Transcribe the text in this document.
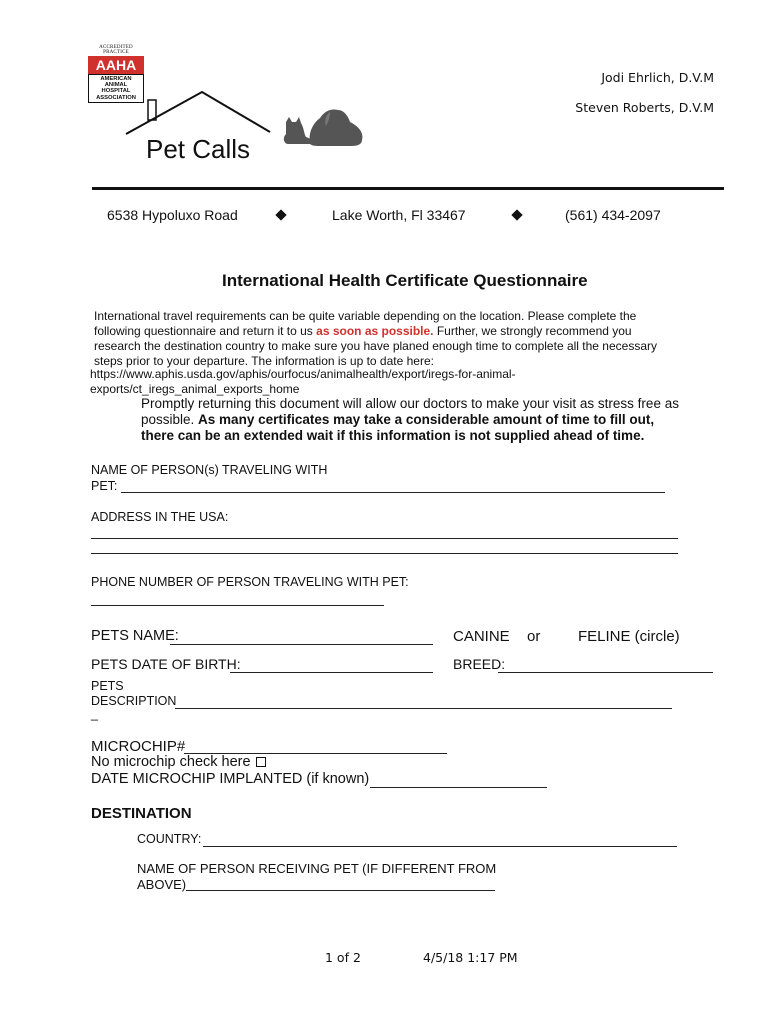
ACCREDITED PRACTICE
AAHA
AMERICAN
ANIMAL
HOSPITAL
ASSOCIATION
Pet Calls
Jodi Ehrlich, D.V.M
Steven Roberts, D.V.M
6538 Hypoluxo Road	Lake Worth, Fl 33467	(561) 434-2097
International Health Certificate Questionnaire
International travel requirements can be quite variable depending on the location. Please complete the
following questionnaire and return it to us as soon as possible. Further, we strongly recommend you
research the destination country to make sure you have planed enough time to complete all the necessary
steps prior to your departure. The information is up to date here:
https://www.aphis.usda.gov/aphis/ourfocus/animalhealth/export/iregs-for-animal-
exports/ct_iregs_animal_exports_home
Promptly returning this document will allow our doctors to make your visit as stress free as
possible. As many certificates may take a considerable amount of time to fill out,
there can be an extended wait if this information is not supplied ahead of time.
NAME OF PERSON(s) TRAVELING WITH
PET:
ADDRESS IN THE USA:
PHONE NUMBER OF PERSON TRAVELING WITH PET:
PETS NAME:	CANINE or	FELINE (circle)
PETS DATE OF BIRTH:	BREED:
PETS
DESCRIPTION
_
MICROCHIP#
No microchip check here
DATE MICROCHIP IMPLANTED (if known)
DESTINATION
COUNTRY:
NAME OF PERSON RECEIVING PET (IF DIFFERENT FROM
ABOVE)
1 of 2	4/5/18 1:17 PM
